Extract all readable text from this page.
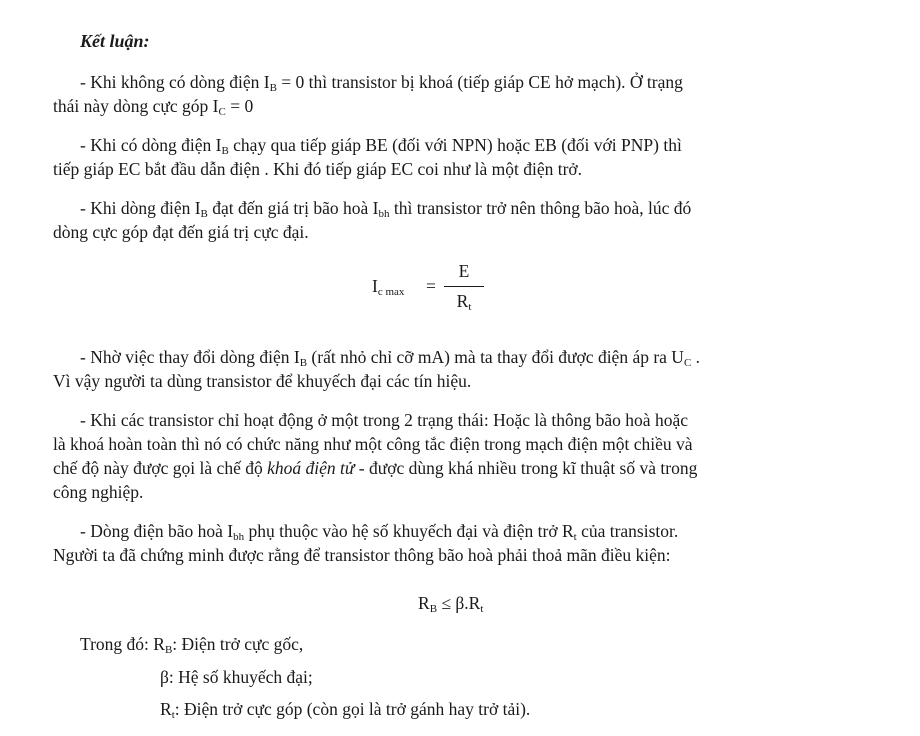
Kết luận:
- Khi không có dòng điện $I_B = 0$ thì transistor bị khoá (tiếp giáp CE hở mạch). Ở trạng
thái này dòng cực góp $I_C = 0$
- Khi có dòng điện $I_B$ chạy qua tiếp giáp BE (đối với NPN) hoặc EB (đối với PNP) thì
tiếp giáp EC bắt đầu dẫn điện . Khi đó tiếp giáp EC coi như là một điện trở.
- Khi dòng điện $I_B$ đạt đến giá trị bão hoà $I_{bh}$ thì transistor trở nên thông bão hoà, lúc đó
dòng cực góp đạt đến giá trị cực đại.
$I_{c max}$ =
E
$R_t$
- Nhờ việc thay đổi dòng điện $I_B$ (rất nhỏ chỉ cỡ mA) mà ta thay đổi được điện áp ra $U_C$ .
Vì vậy người ta dùng transistor để khuyếch đại các tín hiệu.
- Khi các transistor chỉ hoạt động ở một trong 2 trạng thái: Hoặc là thông bão hoà hoặc
là khoá hoàn toàn thì nó có chức năng như một công tắc điện trong mạch điện một chiều và
chế độ này được gọi là chế độ khoá điện tử - được dùng khá nhiều trong kĩ thuật số và trong
công nghiệp.
- Dòng điện bão hoà $I_{bh}$ phụ thuộc vào hệ số khuyếch đại và điện trở $R_t$ của transistor.
Người ta đã chứng minh được rằng để transistor thông bão hoà phải thoả mãn điều kiện:
$R_B \le \beta.R_t$
Trong đó: $R_B$: Điện trở cực gốc,
β: Hệ số khuyếch đại;
$R_t$: Điện trở cực góp (còn gọi là trở gánh hay trở tải).
